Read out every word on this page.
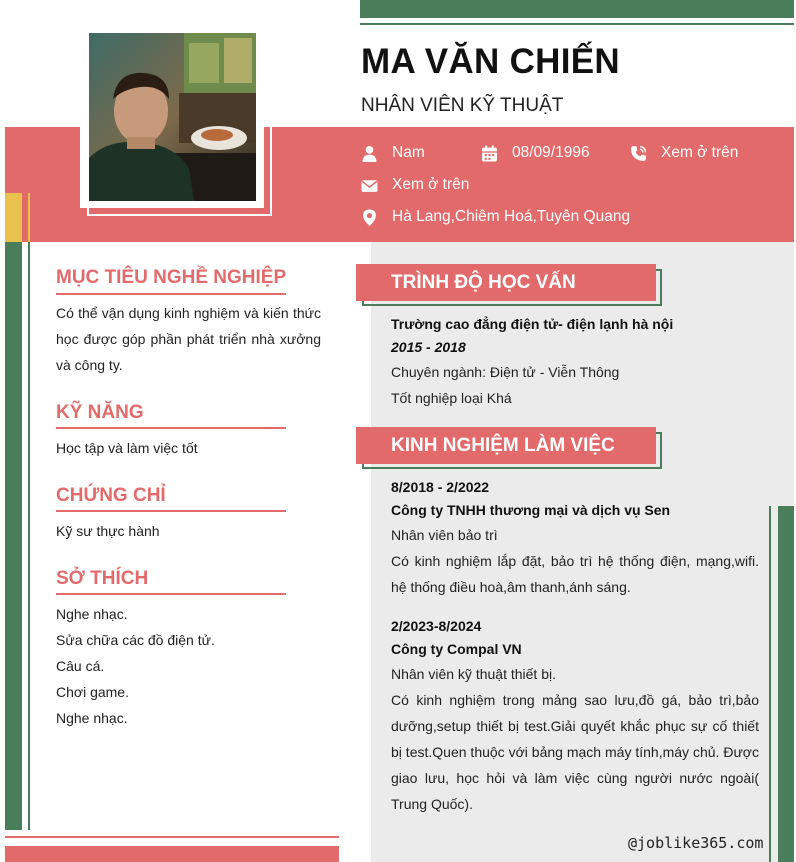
MA VĂN CHIẾN
NHÂN VIÊN KỸ THUẬT
Nam	08/09/1996	Xem ở trên
Xem ở trên
Hà Lang,Chiêm Hoá,Tuyên Quang
MỤC TIÊU NGHỀ NGHIỆP
Có thể vận dụng kinh nghiệm và kiến thức học được góp phần phát triển nhà xưởng và công ty.
KỸ NĂNG
Học tập và làm việc tốt
CHỨNG CHỈ
Kỹ sư thực hành
SỞ THÍCH
Nghe nhạc.
Sửa chữa các đồ điện tử.
Câu cá.
Chơi game.
Nghe nhạc.
TRÌNH ĐỘ HỌC VẤN
Trường cao đẳng điện tử- điện lạnh hà nội
2015 - 2018
Chuyên ngành: Điện tử - Viễn Thông
Tốt nghiệp loại Khá
KINH NGHIỆM LÀM VIỆC
8/2018 - 2/2022
Công ty TNHH thương mại và dịch vụ Sen
Nhân viên bảo trì
Có kinh nghiệm lắp đặt, bảo trì hệ thống điện, mạng,wifi. hệ thống điều hoà,âm thanh,ánh sáng.
2/2023-8/2024
Công ty Compal VN
Nhân viên kỹ thuật thiết bị.
Có kinh nghiệm trong mảng sao lưu,đồ gá, bảo trì,bảo dưỡng,setup thiết bị test.Giải quyết khắc phục sự cố thiết bị test.Quen thuộc với bảng mạch máy tính,máy chủ. Được giao lưu, học hỏi và làm việc cùng người nước ngoài( Trung Quốc).
@joblike365.com
